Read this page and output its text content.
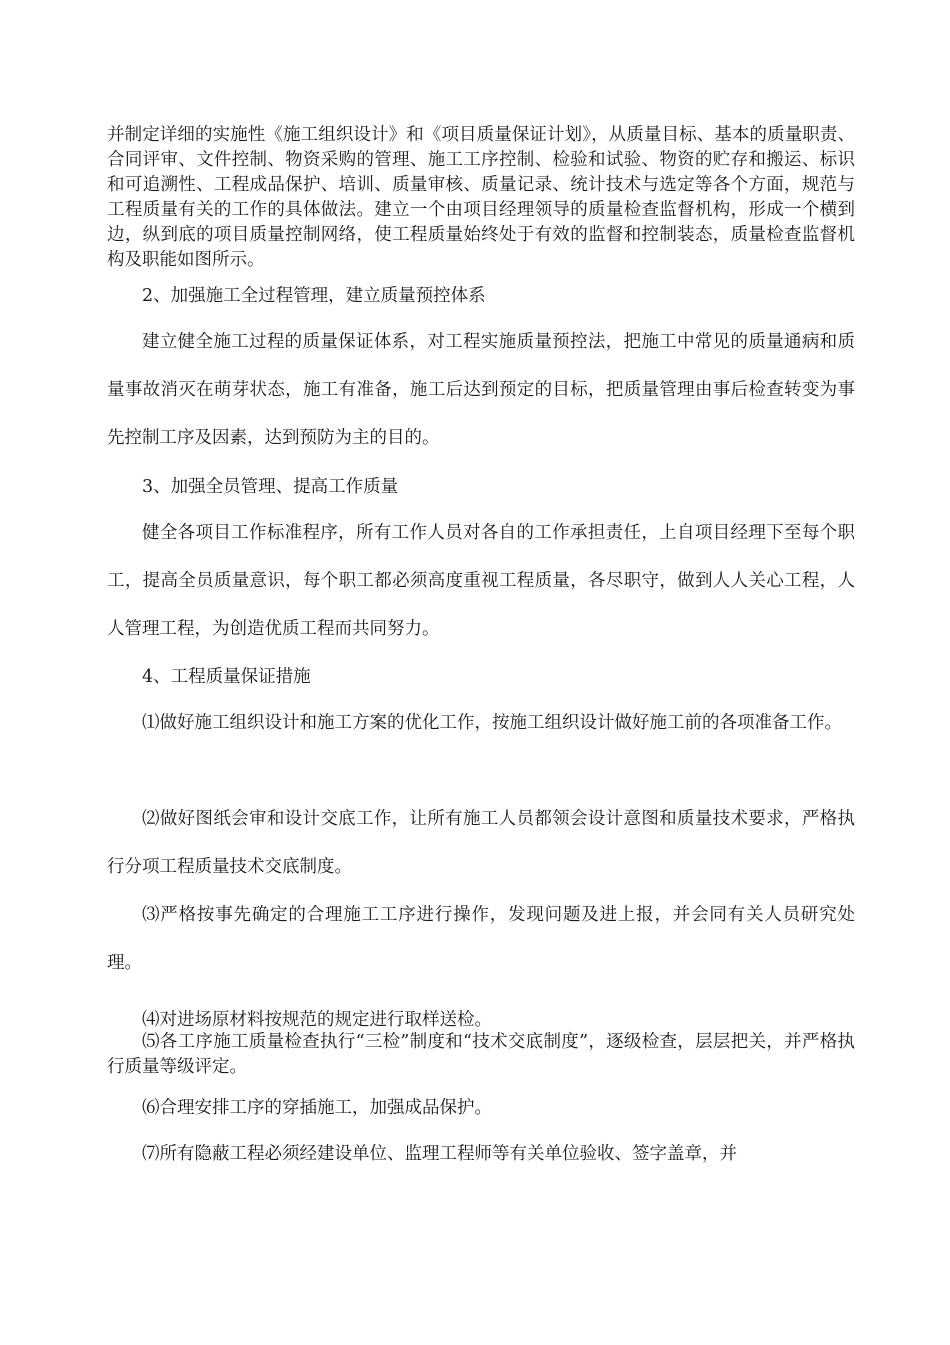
并制定详细的实施性《施工组织设计》和《项目质量保证计划》，从质量目标、基本的质量职责、合同评审、文件控制、物资采购的管理、施工工序控制、检验和试验、物资的贮存和搬运、标识和可追溯性、工程成品保护、培训、质量审核、质量记录、统计技术与选定等各个方面，规范与工程质量有关的工作的具体做法。建立一个由项目经理领导的质量检查监督机构，形成一个横到边，纵到底的项目质量控制网络，使工程质量始终处于有效的监督和控制装态，质量检查监督机构及职能如图所示。

2、加强施工全过程管理，建立质量预控体系

建立健全施工过程的质量保证体系，对工程实施质量预控法，把施工中常见的质量通病和质量事故消灭在萌芽状态，施工有准备，施工后达到预定的目标，把质量管理由事后检查转变为事先控制工序及因素，达到预防为主的目的。

3、加强全员管理、提高工作质量

健全各项目工作标准程序，所有工作人员对各自的工作承担责任，上自项目经理下至每个职工，提高全员质量意识，每个职工都必须高度重视工程质量，各尽职守，做到人人关心工程，人人管理工程，为创造优质工程而共同努力。

4、工程质量保证措施

⑴做好施工组织设计和施工方案的优化工作，按施工组织设计做好施工前的各项准备工作。

⑵做好图纸会审和设计交底工作，让所有施工人员都领会设计意图和质量技术要求，严格执行分项工程质量技术交底制度。

⑶严格按事先确定的合理施工工序进行操作，发现问题及进上报，并会同有关人员研究处理。

⑷对进场原材料按规范的规定进行取样送检。

⑸各工序施工质量检查执行“三检”制度和“技术交底制度”，逐级检查，层层把关，并严格执行质量等级评定。

⑹合理安排工序的穿插施工，加强成品保护。

⑺所有隐蔽工程必须经建设单位、监理工程师等有关单位验收、签字盖章，并
